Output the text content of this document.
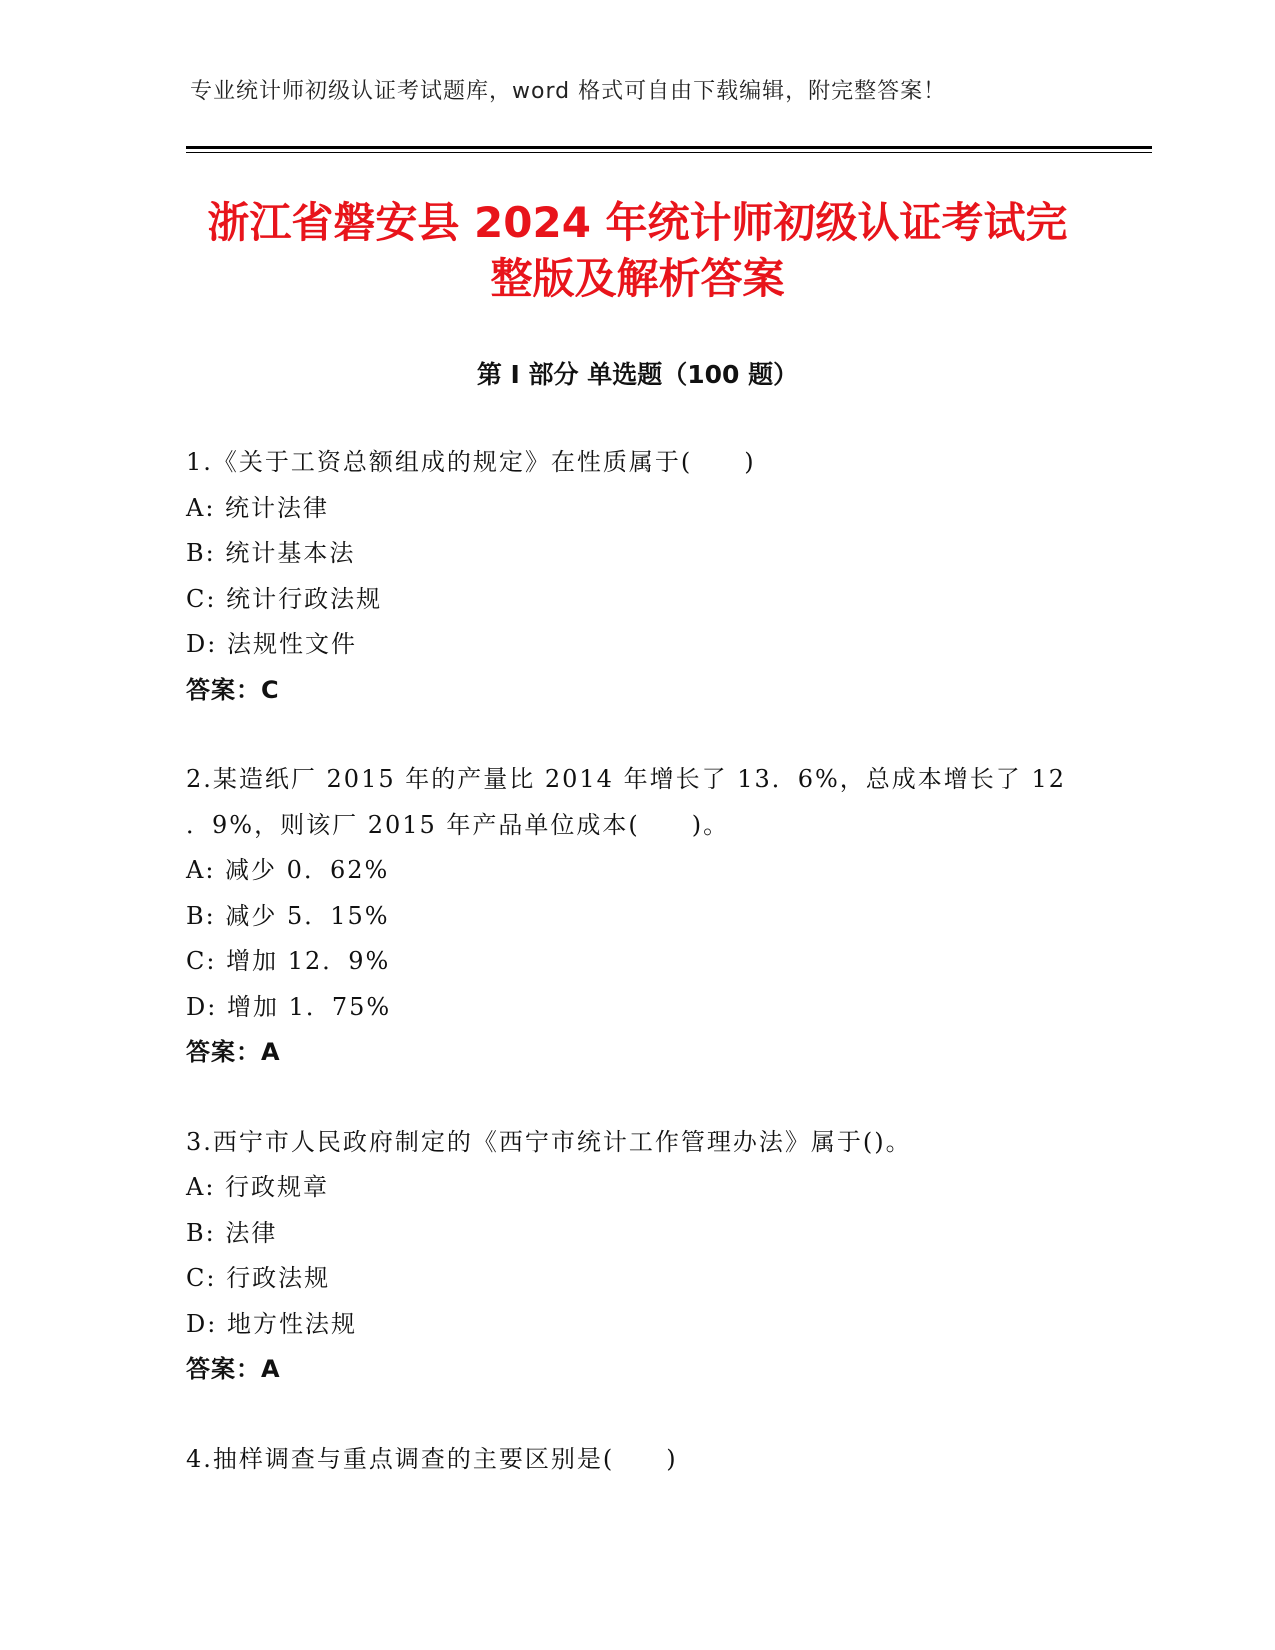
专业统计师初级认证考试题库，word 格式可自由下载编辑，附完整答案！
浙江省磐安县 2024 年统计师初级认证考试完
整版及解析答案
第 I 部分 单选题（100 题）
1.《关于工资总额组成的规定》在性质属于(　　)
A: 统计法律
B: 统计基本法
C: 统计行政法规
D: 法规性文件
答案：C
2.某造纸厂 2015 年的产量比 2014 年增长了 13．6%，总成本增长了 12
．9%，则该厂 2015 年产品单位成本(　　)。
A: 减少 0．62%
B: 减少 5．15%
C: 增加 12．9%
D: 增加 1．75%
答案：A
3.西宁市人民政府制定的《西宁市统计工作管理办法》属于()。
A: 行政规章
B: 法律
C: 行政法规
D: 地方性法规
答案：A
4.抽样调查与重点调查的主要区别是(　　)
